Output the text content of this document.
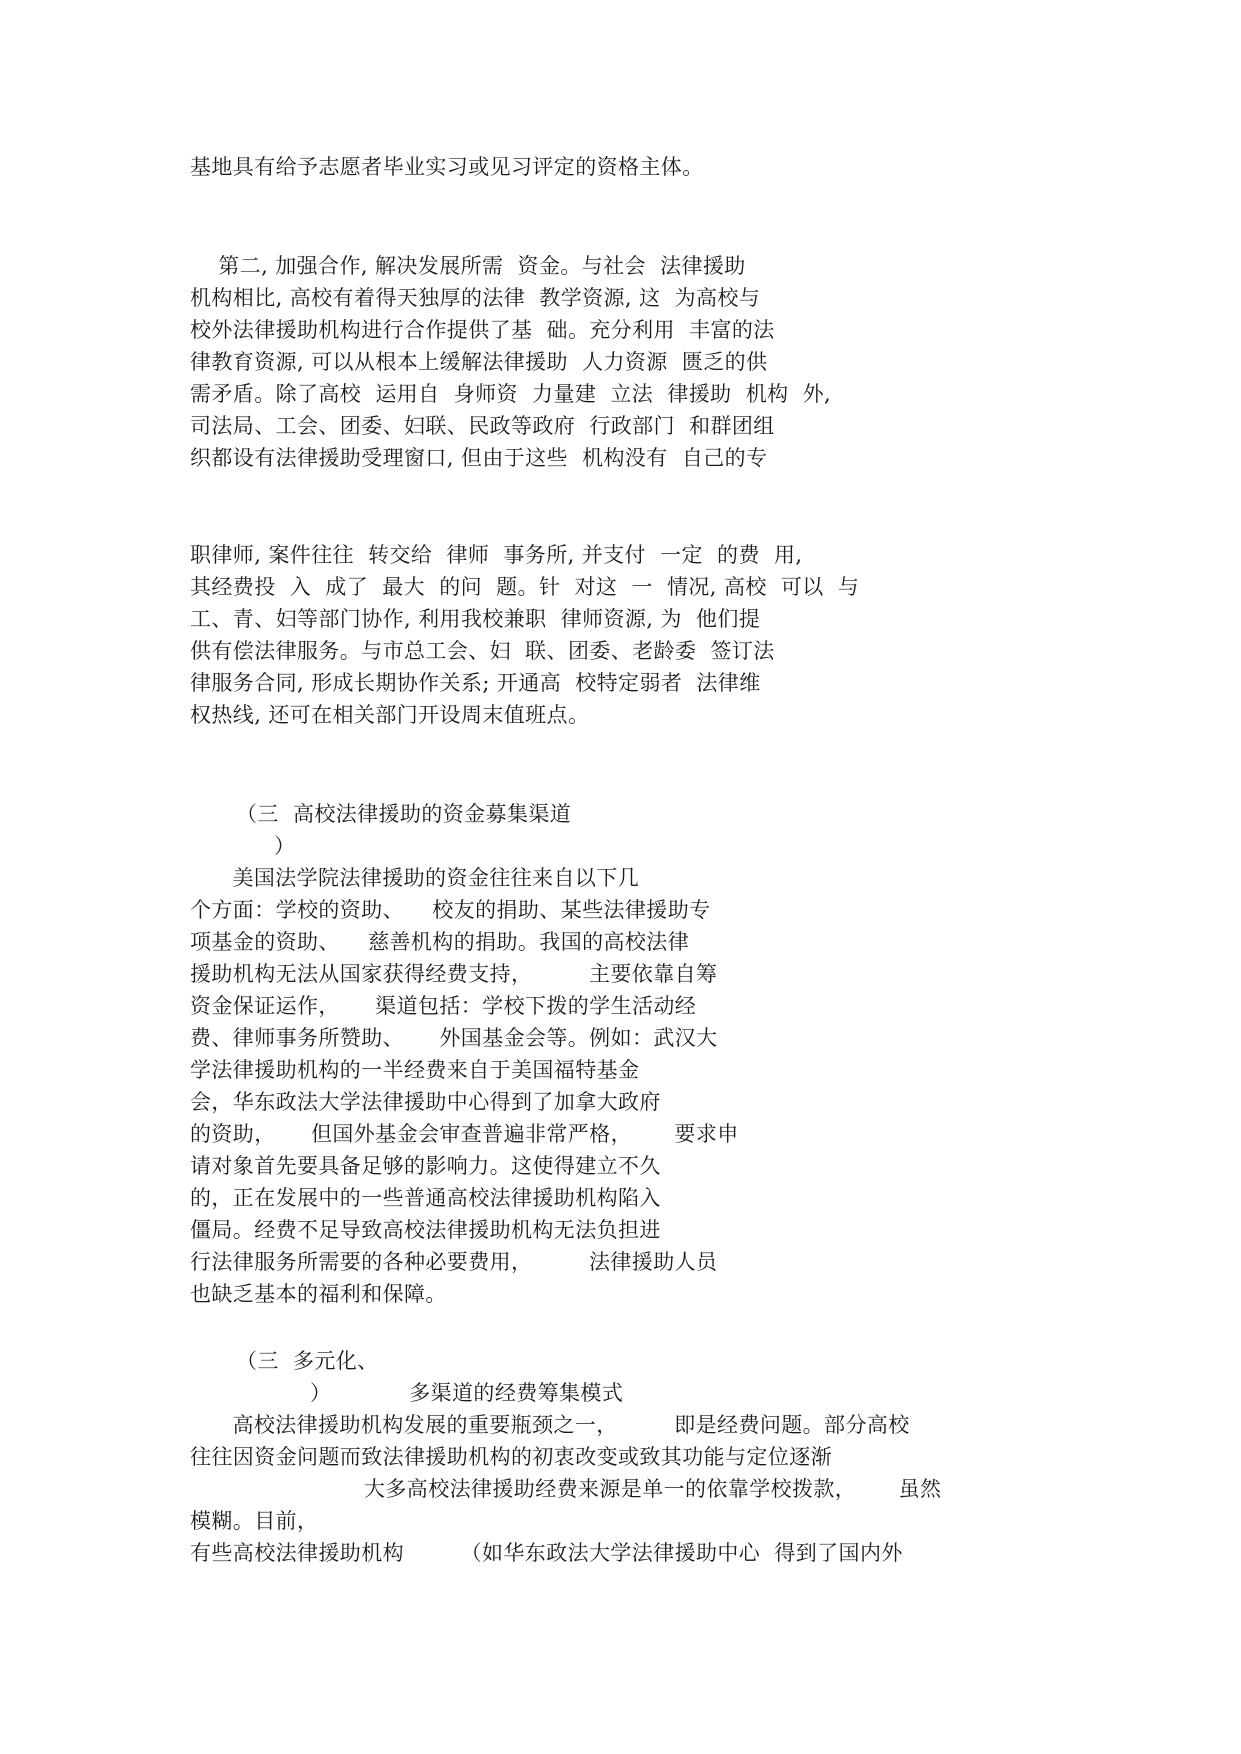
基地具有给予志愿者毕业实习或见习评定的资格主体。

第二, 加强合作, 解决发展所需  资金。与社会  法律援助

机构相比, 高校有着得天独厚的法律  教学资源, 这  为高校与

校外法律援助机构进行合作提供了基  础。充分利用  丰富的法

律教育资源, 可以从根本上缓解法律援助  人力资源  匮乏的供

需矛盾。除了高校  运用自  身师资  力量建  立法  律援助  机构  外,

司法局、工会、团委、妇联、民政等政府  行政部门  和群团组

织都设有法律援助受理窗口, 但由于这些  机构没有  自己的专

职律师, 案件往往  转交给  律师  事务所, 并支付  一定  的费  用,

其经费投  入  成了  最大  的问  题。针  对这  一  情况, 高校  可以  与

工、青、妇等部门协作, 利用我校兼职  律师资源, 为  他们提

供有偿法律服务。与市总工会、妇  联、团委、老龄委  签订法

律服务合同, 形成长期协作关系; 开通高  校特定弱者  法律维

权热线, 还可在相关部门开设周末值班点。

（三  高校法律援助的资金募集渠道

）

美国法学院法律援助的资金往往来自以下几

个方面：学校的资助、    校友的捐助、某些法律援助专

项基金的资助、    慈善机构的捐助。我国的高校法律

援助机构无法从国家获得经费支持，        主要依靠自筹

资金保证运作，     渠道包括：学校下拨的学生活动经

费、律师事务所赞助、     外国基金会等。例如：武汉大

学法律援助机构的一半经费来自于美国福特基金

会，华东政法大学法律援助中心得到了加拿大政府

的资助，     但国外基金会审查普遍非常严格，      要求申

请对象首先要具备足够的影响力。这使得建立不久

的，正在发展中的一些普通高校法律援助机构陷入

僵局。经费不足导致高校法律援助机构无法负担进

行法律服务所需要的各种必要费用，        法律援助人员

也缺乏基本的福利和保障。

（三  多元化、

）           多渠道的经费筹集模式

高校法律援助机构发展的重要瓶颈之一，        即是经费问题。部分高校

往往因资金问题而致法律援助机构的初衷改变或致其功能与定位逐渐

大多高校法律援助经费来源是单一的依靠学校拨款，      虽然

模糊。目前，

有些高校法律援助机构        （如华东政法大学法律援助中心  得到了国内外
